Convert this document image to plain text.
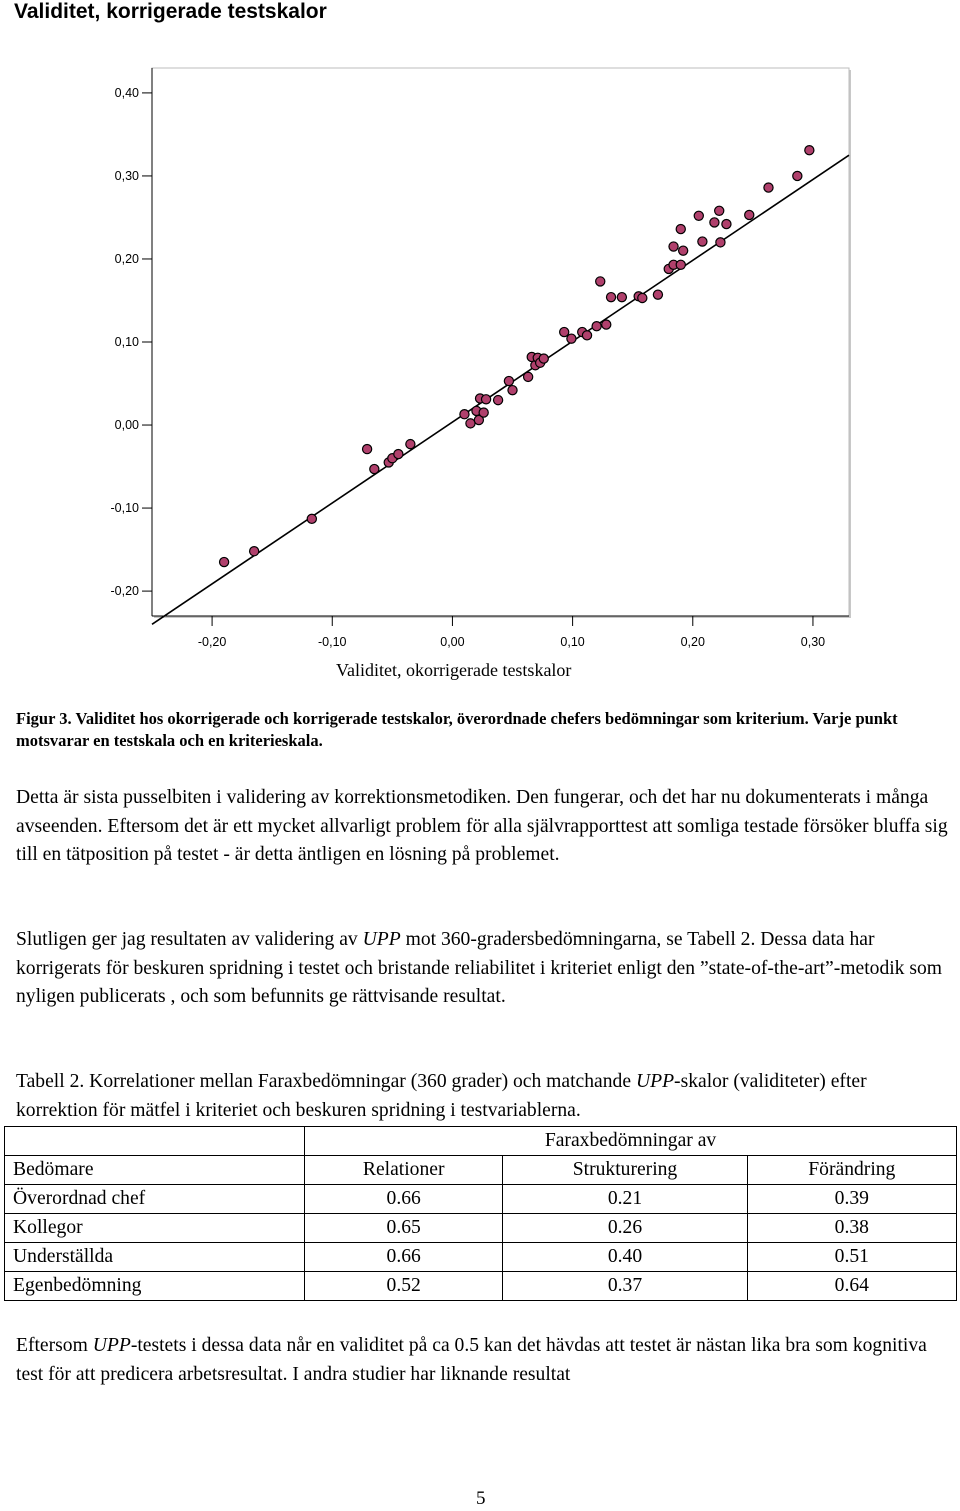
Validitet, korrigerade testskalor
0,40
0,30
0,20
0,10
0,00
-0,10
-0,20
-0,20	-0,10	0,00	0,10	0,20	0,30
Validitet, okorrigerade testskalor
Figur 3. Validitet hos okorrigerade och korrigerade testskalor, överordnade chefers bedömningar som kriterium. Varje punkt motsvarar en testskala och en kriterieskala.
Detta är sista pusselbiten i validering av korrektionsmetodiken. Den fungerar, och det har nu dokumenterats i många avseenden. Eftersom det är ett mycket allvarligt problem för alla självrapporttest att somliga testade försöker bluffa sig till en tätposition på testet - är detta äntligen en lösning på problemet.
Slutligen ger jag resultaten av validering av UPP mot 360-gradersbedömningarna, se Tabell 2. Dessa data har korrigerats för beskuren spridning i testet och bristande reliabilitet i kriteriet enligt den ”state-of-the-art”-metodik som nyligen publicerats , och som befunnits ge rättvisande resultat.
Tabell 2. Korrelationer mellan Faraxbedömningar (360 grader) och matchande UPP-skalor (validiteter) efter korrektion för mätfel i kriteriet och beskuren spridning i testvariablerna.
	Faraxbedömningar av		
Bedömare	Relationer	Strukturering	Förändring
Överordnad chef	0.66	0.21	0.39
Kollegor	0.65	0.26	0.38
Underställda	0.66	0.40	0.51
Egenbedömning	0.52	0.37	0.64
Eftersom UPP-testets i dessa data når en validitet på ca 0.5 kan det hävdas att testet är nästan lika bra som kognitiva test för att predicera arbetsresultat. I andra studier har liknande resultat
5
